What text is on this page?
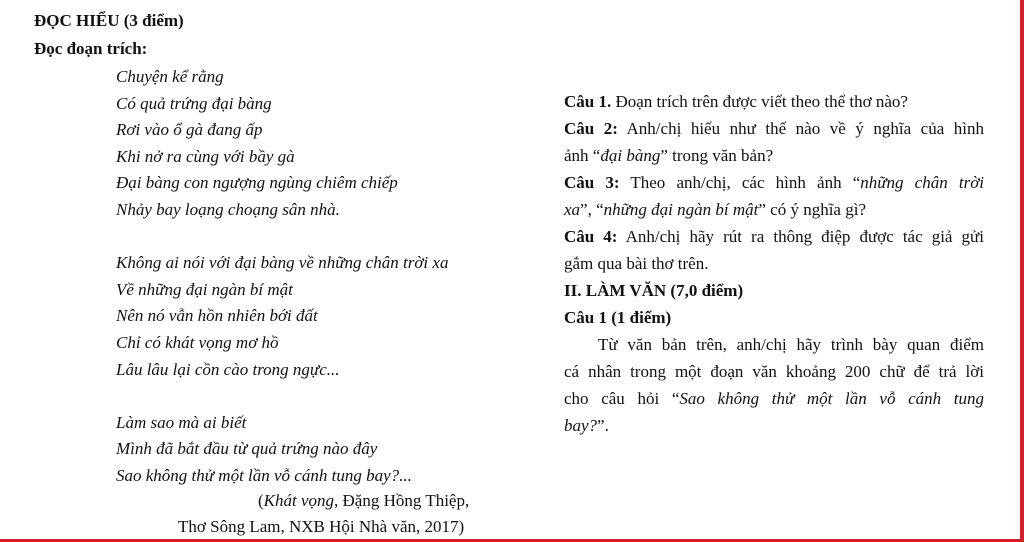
ĐỌC HIỂU (3 điểm)
Đọc đoạn trích:
Chuyện kể rằng
Có quả trứng đại bàng
Rơi vào ổ gà đang ấp
Khi nở ra cùng với bầy gà
Đại bàng con ngượng ngùng chiêm chiếp
Nhảy bay loạng choạng sân nhà.
Không ai nói với đại bàng về những chân trời xa
Về những đại ngàn bí mật
Nên nó vẫn hồn nhiên bới đất
Chỉ có khát vọng mơ hồ
Lâu lâu lại cồn cào trong ngực...
Làm sao mà ai biết
Mình đã bắt đầu từ quả trứng nào đây
Sao không thử một lần vỗ cánh tung bay?...
(Khát vọng, Đặng Hồng Thiệp,
Thơ Sông Lam, NXB Hội Nhà văn, 2017)
Câu 1. Đoạn trích trên được viết theo thể thơ nào?
Câu 2: Anh/chị hiểu như thế nào về ý nghĩa của hình
ảnh “đại bàng” trong văn bản?
Câu 3: Theo anh/chị, các hình ảnh “những chân trời
xa”, “những đại ngàn bí mật” có ý nghĩa gì?
Câu 4: Anh/chị hãy rút ra thông điệp được tác giả gửi
gắm qua bài thơ trên.
II. LÀM VĂN (7,0 điểm)
Câu 1 (1 điểm)
Từ văn bản trên, anh/chị hãy trình bày quan điểm
cá nhân trong một đoạn văn khoảng 200 chữ để trả lời
cho câu hỏi “Sao không thử một lần vỗ cánh tung
bay?”.
